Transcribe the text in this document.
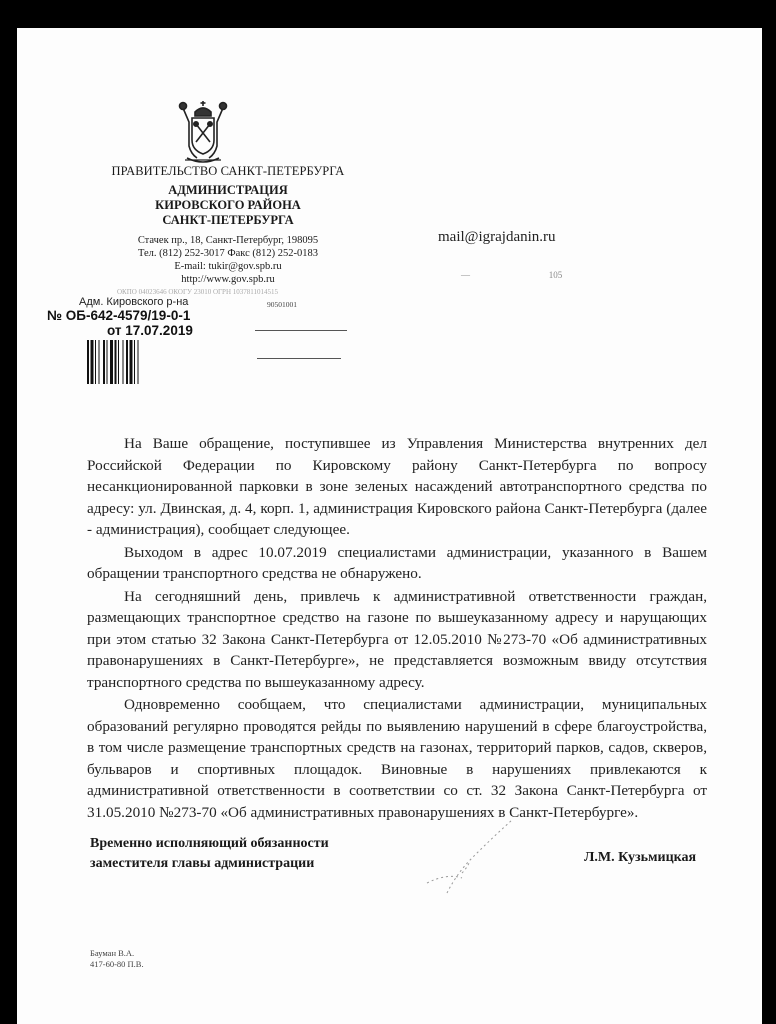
ПРАВИТЕЛЬСТВО САНКТ-ПЕТЕРБУРГА
АДМИНИСТРАЦИЯ
КИРОВСКОГО РАЙОНА
САНКТ-ПЕТЕРБУРГА
Стачек пр., 18, Санкт-Петербург, 198095
Тел. (812) 252-3017 Факс (812) 252-0183
E-mail: tukir@gov.spb.ru
http://www.gov.spb.ru
ОКПО 04023646 ОКОГУ 23010 ОГРН 1037811014515
90501001
Адм. Кировского р-на
№ ОБ-642-4579/19-0-1
от 17.07.2019
mail@igrajdanin.ru
—                                   105

На Ваше обращение, поступившее из Управления Министерства внутренних дел Российской Федерации по Кировскому району Санкт-Петербурга по вопросу несанкционированной парковки в зоне зеленых насаждений автотранспортного средства по адресу: ул. Двинская, д. 4, корп. 1, администрация Кировского района Санкт-Петербурга (далее - администрация), сообщает следующее.

Выходом в адрес 10.07.2019 специалистами администрации, указанного в Вашем обращении транспортного средства не обнаружено.

На сегодняшний день, привлечь к административной ответственности граждан, размещающих транспортное средство на газоне по вышеуказанному адресу и нарущающих при этом статью 32 Закона Санкт-Петербурга от 12.05.2010 №273-70 «Об административных правонарушениях в Санкт-Петербурге», не представляется возможным ввиду отсутствия транспортного средства по вышеуказанному адресу.

Одновременно сообщаем, что специалистами администрации, муниципальных образований регулярно проводятся рейды по выявлению нарушений в сфере благоустройства, в том числе размещение транспортных средств на газонах, территорий парков, садов, скверов, бульваров и спортивных площадок. Виновные в нарушениях привлекаются к административной ответственности в соответствии со ст. 32 Закона Санкт-Петербурга от 31.05.2010 №273-70 «Об административных правонарушениях в Санкт-Петербурге».

Временно исполняющий обязанности
заместителя главы администрации	Л.М. Кузьмицкая
Бауман В.А.
417-60-80 П.В.
